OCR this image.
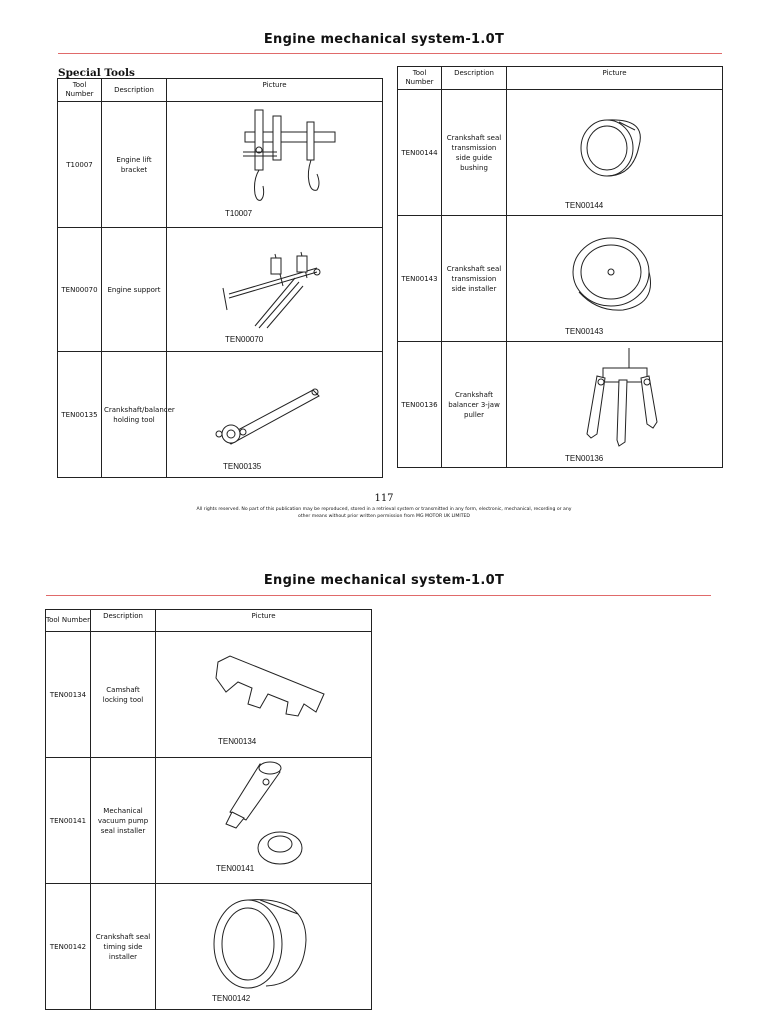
Engine mechanical system-1.0T
Special Tools
Tool Number	Description	Picture
T10007	Engine lift bracket	T10007

TEN00070	Engine support	TEN00070

TEN00135	Crankshaft/balancer holding tool	TEN00135
Tool Number	Description	Picture
TEN00144	Crankshaft seal transmission side guide bushing	TEN00144

TEN00143	Crankshaft seal transmission side installer	TEN00143

TEN00136	Crankshaft balancer 3-jaw puller	TEN00136
117
All rights reserved. No part of this publication may be reproduced, stored in a retrieval system or transmitted in any form, electronic, mechanical, recording or any
other means without prior written permission from MG MOTOR UK LIMITED
Engine mechanical system-1.0T
Tool Number	Description	Picture
TEN00134	Camshaft locking tool	TEN00134

TEN00141	Mechanical vacuum pump seal installer	TEN00141

TEN00142	Crankshaft seal timing side installer	TEN00142
